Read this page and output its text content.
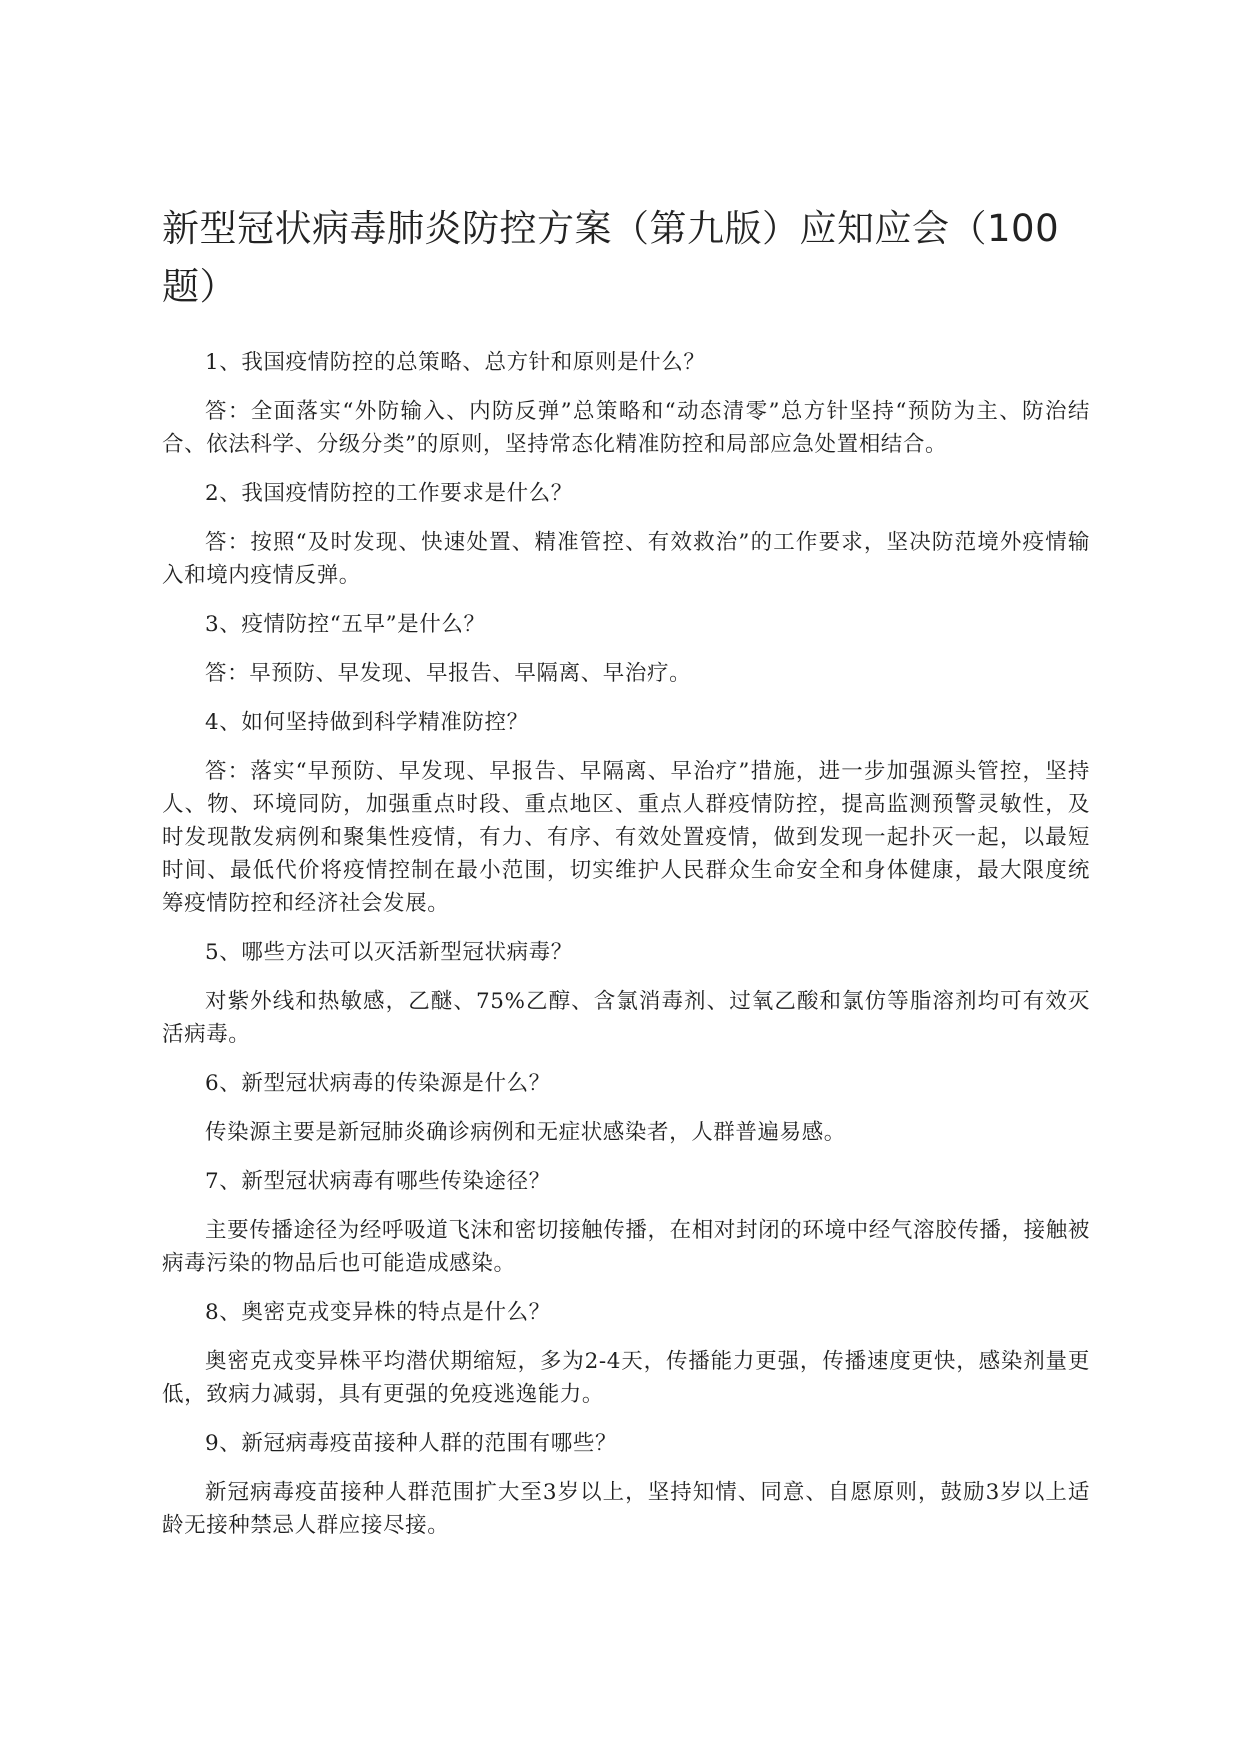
新型冠状病毒肺炎防控方案（第九版）应知应会（100题）

1、我国疫情防控的总策略、总方针和原则是什么？

答：全面落实“外防输入、内防反弹”总策略和“动态清零”总方针坚持“预防为主、防治结合、依法科学、分级分类”的原则，坚持常态化精准防控和局部应急处置相结合。

2、我国疫情防控的工作要求是什么？

答：按照“及时发现、快速处置、精准管控、有效救治”的工作要求，坚决防范境外疫情输入和境内疫情反弹。

3、疫情防控“五早”是什么？

答：早预防、早发现、早报告、早隔离、早治疗。

4、如何坚持做到科学精准防控？

答：落实“早预防、早发现、早报告、早隔离、早治疗”措施，进一步加强源头管控，坚持人、物、环境同防，加强重点时段、重点地区、重点人群疫情防控，提高监测预警灵敏性，及时发现散发病例和聚集性疫情，有力、有序、有效处置疫情，做到发现一起扑灭一起，以最短时间、最低代价将疫情控制在最小范围，切实维护人民群众生命安全和身体健康，最大限度统筹疫情防控和经济社会发展。

5、哪些方法可以灭活新型冠状病毒？

对紫外线和热敏感，乙醚、75%乙醇、含氯消毒剂、过氧乙酸和氯仿等脂溶剂均可有效灭活病毒。

6、新型冠状病毒的传染源是什么？

传染源主要是新冠肺炎确诊病例和无症状感染者，人群普遍易感。

7、新型冠状病毒有哪些传染途径？

主要传播途径为经呼吸道飞沫和密切接触传播，在相对封闭的环境中经气溶胶传播，接触被病毒污染的物品后也可能造成感染。

8、奥密克戎变异株的特点是什么？

奥密克戎变异株平均潜伏期缩短，多为2-4天，传播能力更强，传播速度更快，感染剂量更低，致病力减弱，具有更强的免疫逃逸能力。

9、新冠病毒疫苗接种人群的范围有哪些？

新冠病毒疫苗接种人群范围扩大至3岁以上，坚持知情、同意、自愿原则，鼓励3岁以上适龄无接种禁忌人群应接尽接。
